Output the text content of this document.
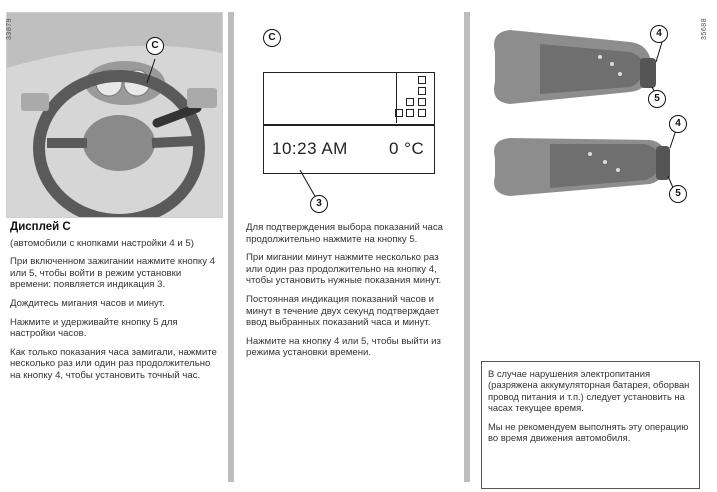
33879
C

Дисплей C

(автомобили с кнопками настройки 4 и 5)

При включенном зажигании нажмите кнопку 4 или 5, чтобы войти в режим установки времени: появляется индикация 3.

Дождитесь мигания часов и минут.

Нажмите и удерживайте кнопку 5 для настройки часов.

Как только показания часа замигали, нажмите несколько раз или один раз продолжительно на кнопку 4, чтобы установить точный час.

C
10:23 AM 0 °C
3

Для подтверждения выбора показаний часа продолжительно нажмите на кнопку 5.

При мигании минут нажмите несколько раз или один раз продолжительно на кнопку 4, чтобы установить нужные показания минут.

Постоянная индикация показаний часов и минут в течение двух секунд подтверждает ввод выбранных показаний часа и минут.

Нажмите на кнопку 4 или 5, чтобы выйти из режима установки времени.

35688
4
5
4
5

В случае нарушения электропитания (разряжена аккумуляторная батарея, оборван провод питания и т.п.) следует установить на часах текущее время.

Мы не рекомендуем выполнять эту операцию во время движения автомобиля.
